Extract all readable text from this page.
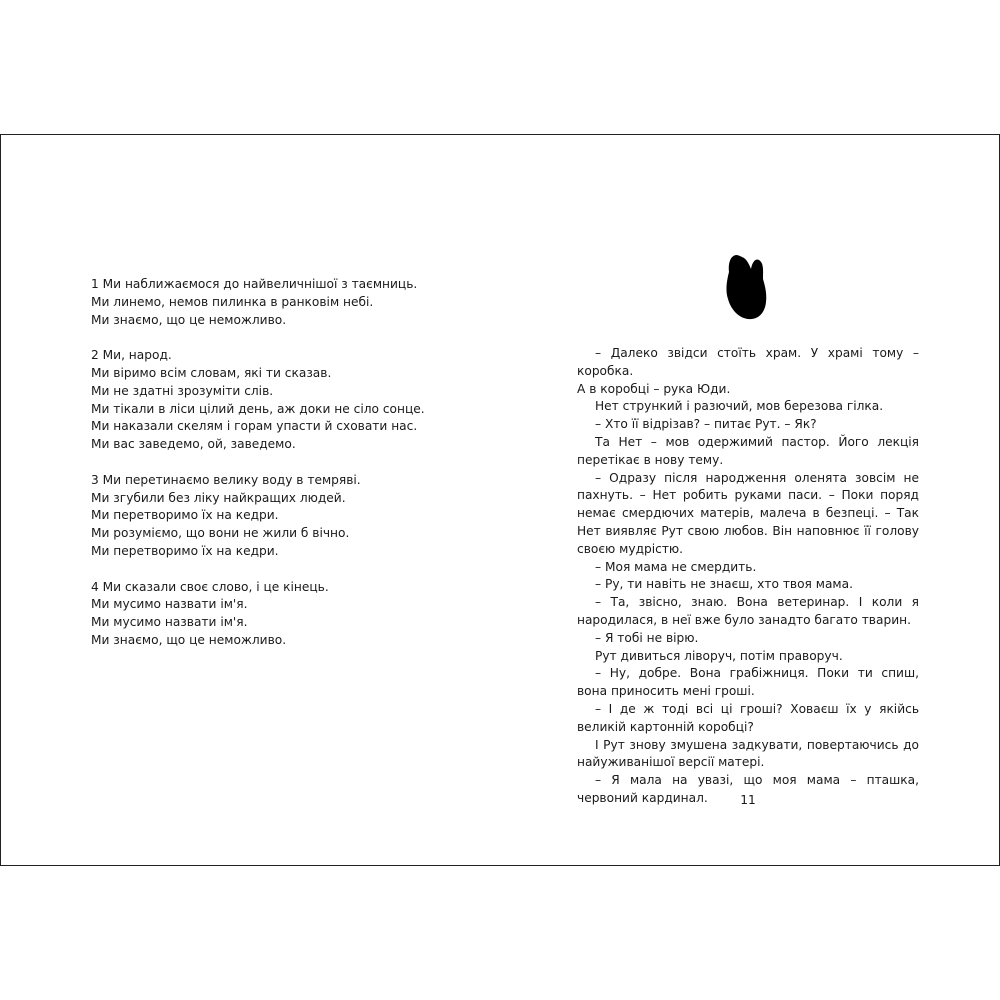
1 Ми наближаємося до найвеличнішої з таємниць.
Ми линемо, немов пилинка в ранковім небі.
Ми знаємо, що це неможливо.
2 Ми, народ.
Ми віримо всім словам, які ти сказав.
Ми не здатні зрозуміти слів.
Ми тікали в ліси цілий день, аж доки не сіло сонце.
Ми наказали скелям і горам упасти й сховати нас.
Ми вас заведемо, ой, заведемо.
3 Ми перетинаємо велику воду в темряві.
Ми згубили без ліку найкращих людей.
Ми перетворимо їх на кедри.
Ми розуміємо, що вони не жили б вічно.
Ми перетворимо їх на кедри.
4 Ми сказали своє слово, і це кінець.
Ми мусимо назвати ім'я.
Ми мусимо назвати ім'я.
Ми знаємо, що це неможливо.
– Далеко звідси стоїть храм. У храмі тому – коробка.
А в коробці – рука Юди.
Нет стрункий і разючий, мов березова гілка.
– Хто її відрізав? – питає Рут. – Як?
Та Нет – мов одержимий пастор. Його лекція перетікає в нову тему.
– Одразу після народження оленята зовсім не пахнуть. – Нет робить руками паси. – Поки поряд немає смердючих матерів, малеча в безпеці. – Так Нет виявляє Рут свою любов. Він наповнює її голову своєю мудрістю.
– Моя мама не смердить.
– Ру, ти навіть не знаєш, хто твоя мама.
– Та, звісно, знаю. Вона ветеринар. І коли я народилася, в неї вже було занадто багато тварин.
– Я тобі не вірю.
Рут дивиться ліворуч, потім праворуч.
– Ну, добре. Вона грабіжниця. Поки ти спиш, вона приносить мені гроші.
– І де ж тоді всі ці гроші? Ховаєш їх у якійсь великій картонній коробці?
І Рут знову змушена задкувати, повертаючись до найуживанішої версії матері.
– Я мала на увазі, що моя мама – пташка, червоний кардинал.	11
